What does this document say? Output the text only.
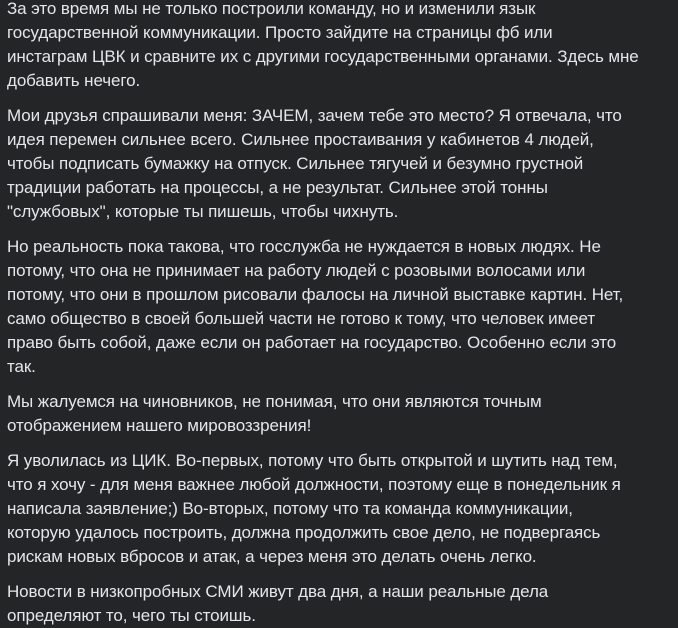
За это время мы не только построили команду, но и изменили язык
государственной коммуникации. Просто зайдите на страницы фб или
инстаграм ЦВК и сравните их с другими государственными органами. Здесь мне
добавить нечего.

Мои друзья спрашивали меня: ЗАЧЕМ, зачем тебе это место? Я отвечала, что
идея перемен сильнее всего. Сильнее простаивания у кабинетов 4 людей,
чтобы подписать бумажку на отпуск. Сильнее тягучей и безумно грустной
традиции работать на процессы, а не результат. Сильнее этой тонны
"службовых", которые ты пишешь, чтобы чихнуть.

Но реальность пока такова, что госслужба не нуждается в новых людях. Не
потому, что она не принимает на работу людей с розовыми волосами или
потому, что они в прошлом рисовали фалосы на личной выставке картин. Нет,
само общество в своей большей части не готово к тому, что человек имеет
право быть собой, даже если он работает на государство. Особенно если это
так.

Мы жалуемся на чиновников, не понимая, что они являются точным
отображением нашего мировоззрения!

Я уволилась из ЦИК. Во-первых, потому что быть открытой и шутить над тем,
что я хочу - для меня важнее любой должности, поэтому еще в понедельник я
написала заявление;) Во-вторых, потому что та команда коммуникации,
которую удалось построить, должна продолжить свое дело, не подвергаясь
рискам новых вбросов и атак, а через меня это делать очень легко.

Новости в низкопробных СМИ живут два дня, а наши реальные дела
определяют то, чего ты стоишь.
